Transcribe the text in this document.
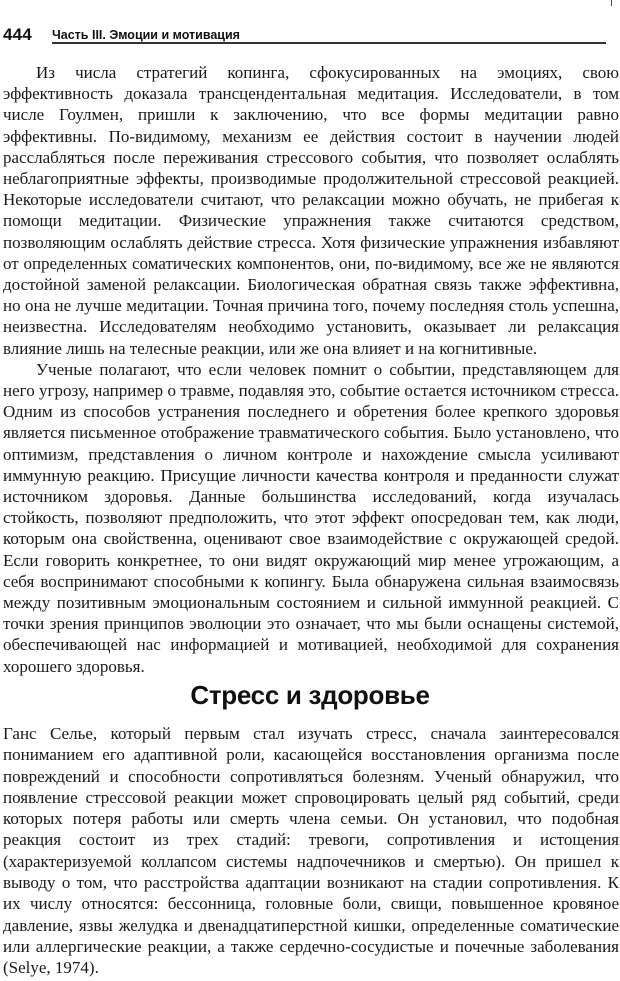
444 Часть III. Эмоции и мотивация

Из числа стратегий копинга, сфокусированных на эмоциях, свою эффективность доказала трансцендентальная медитация. Исследователи, в том числе Гоулмен, пришли к заключению, что все формы медитации равно эффективны. По-видимому, механизм ее действия состоит в научении людей расслабляться после переживания стрессового события, что позволяет ослаблять неблагоприятные эффекты, производимые продолжительной стрессовой реакцией. Некоторые исследователи считают, что релаксации можно обучать, не прибегая к помощи медитации. Физические упражнения также считаются средством, позволяющим ослаблять действие стресса. Хотя физические упражнения избавляют от определенных соматических компонентов, они, по-видимому, все же не являются достойной заменой релаксации. Биологическая обратная связь также эффективна, но она не лучше медитации. Точная причина того, почему последняя столь успешна, неизвестна. Исследователям необходимо установить, оказывает ли релаксация влияние лишь на телесные реакции, или же она влияет и на когнитивные.

Ученые полагают, что если человек помнит о событии, представляющем для него угрозу, например о травме, подавляя это, событие остается источником стресса. Одним из способов устранения последнего и обретения более крепкого здоровья является письменное отображение травматического события. Было установлено, что оптимизм, представления о личном контроле и нахождение смысла усиливают иммунную реакцию. Присущие личности качества контроля и преданности служат источником здоровья. Данные большинства исследований, когда изучалась стойкость, позволяют предположить, что этот эффект опосредован тем, как люди, которым она свойственна, оценивают свое взаимодействие с окружающей средой. Если говорить конкретнее, то они видят окружающий мир менее угрожающим, а себя воспринимают способными к копингу. Была обнаружена сильная взаимосвязь между позитивным эмоциональным состоянием и сильной иммунной реакцией. С точки зрения принципов эволюции это означает, что мы были оснащены системой, обеспечивающей нас информацией и мотивацией, необходимой для сохранения хорошего здоровья.

Стресс и здоровье

Ганс Селье, который первым стал изучать стресс, сначала заинтересовался пониманием его адаптивной роли, касающейся восстановления организма после повреждений и способности сопротивляться болезням. Ученый обнаружил, что появление стрессовой реакции может спровоцировать целый ряд событий, среди которых потеря работы или смерть члена семьи. Он установил, что подобная реакция состоит из трех стадий: тревоги, сопротивления и истощения (характеризуемой коллапсом системы надпочечников и смертью). Он пришел к выводу о том, что расстройства адаптации возникают на стадии сопротивления. К их числу относятся: бессонница, головные боли, свищи, повышенное кровяное давление, язвы желудка и двенадцатиперстной кишки, определенные соматические или аллергические реакции, а также сердечно-сосудистые и почечные заболевания (Selye, 1974).
